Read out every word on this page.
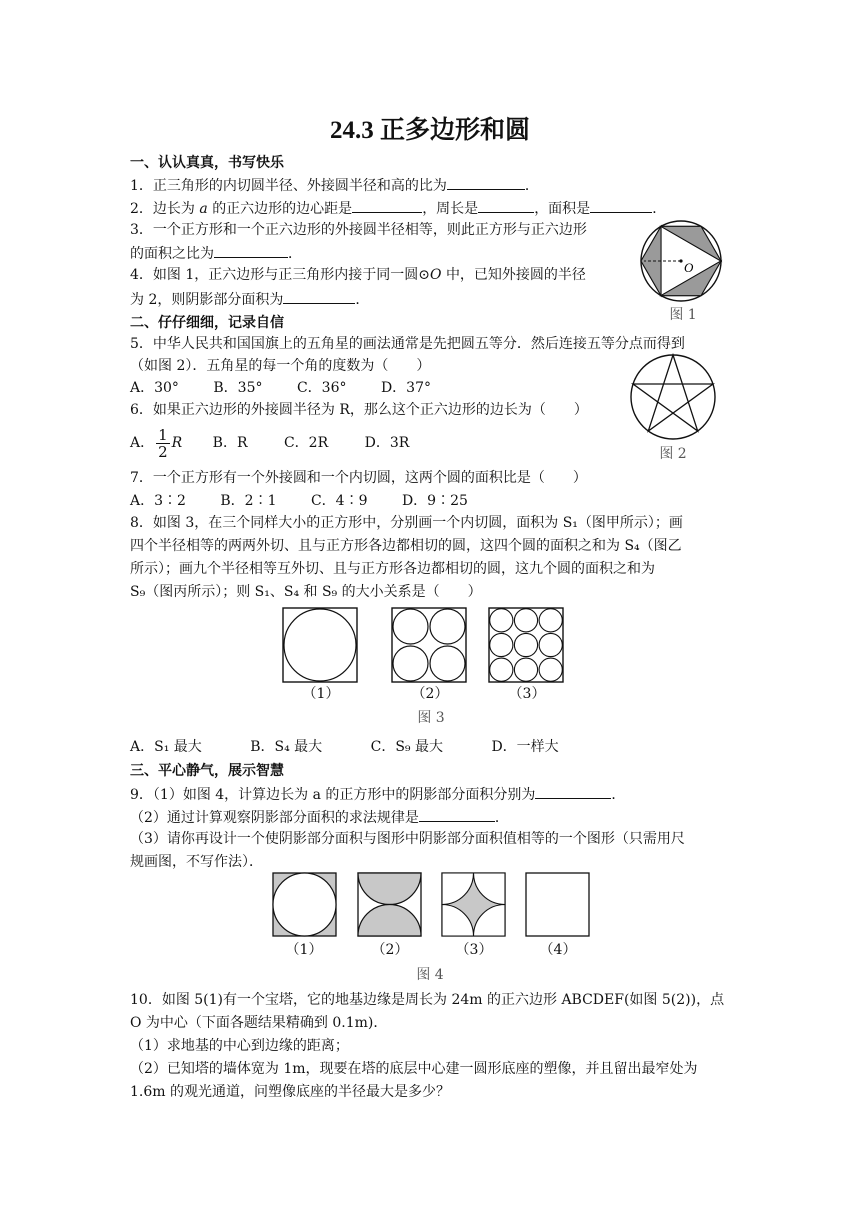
24.3 正多边形和圆
一、认认真真，书写快乐
1．正三角形的内切圆半径、外接圆半径和高的比为	．
2．边长为 a 的正六边形的边心距是	，周长是	，面积是	．
3．一个正方形和一个正六边形的外接圆半径相等，则此正方形与正六边形
的面积之比为	．
4．如图 1，正六边形与正三角形内接于同一圆⊙O 中，已知外接圆的半径
为 2，则阴影部分面积为	．
O
图 1
二、仔仔细细，记录自信
5．中华人民共和国国旗上的五角星的画法通常是先把圆五等分．然后连接五等分点而得到
（如图 2）．五角星的每一个角的度数为（　　）
A．30° B．35° C．36° D．37°
6．如果正六边形的外接圆半径为 R，那么这个正六边形的边长为（　　）
A． $\frac{1}{2}$ R B．R	C．2R	D．3R
图 2
7．一个正方形有一个外接圆和一个内切圆，这两个圆的面积比是（　　）
A．3∶2 B．2∶1 C．4∶9 D．9∶25
8．如图 3，在三个同样大小的正方形中，分别画一个内切圆，面积为 S₁（图甲所示）；画
四个半径相等的两两外切、且与正方形各边都相切的圆，这四个圆的面积之和为 S₄（图乙
所示）；画九个半径相等互外切、且与正方形各边都相切的圆，这九个圆的面积之和为
S₉（图丙所示）；则 S₁、S₄ 和 S₉ 的大小关系是（　　）
（1）	（2）	（3）
图 3
A．S₁ 最大	B．S₄ 最大	C．S₉ 最大	D．一样大
三、平心静气，展示智慧
9．（1）如图 4，计算边长为 a 的正方形中的阴影部分面积分别为	．
（2）通过计算观察阴影部分面积的求法规律是	．
（3）请你再设计一个使阴影部分面积与图形中阴影部分面积值相等的一个图形（只需用尺
规画图，不写作法）．
（1）	（2）	（3）	（4）
图 4
10．如图 5(1)有一个宝塔，它的地基边缘是周长为 24m 的正六边形 ABCDEF(如图 5(2))，点
O 为中心（下面各题结果精确到 0.1m)．
（1）求地基的中心到边缘的距离；
（2）已知塔的墙体宽为 1m，现要在塔的底层中心建一圆形底座的塑像，并且留出最窄处为
1.6m 的观光通道，问塑像底座的半径最大是多少？
